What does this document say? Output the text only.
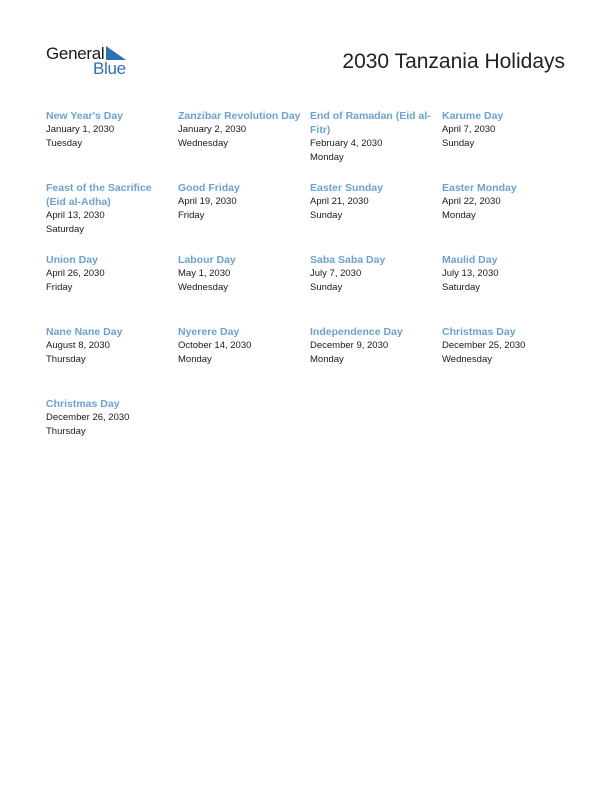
General
Blue	2030 Tanzania Holidays
New Year's Day
January 1, 2030
Tuesday
Zanzibar Revolution Day
January 2, 2030
Wednesday
End of Ramadan (Eid al-Fitr)
February 4, 2030
Monday
Karume Day
April 7, 2030
Sunday
Feast of the Sacrifice (Eid al-Adha)
April 13, 2030
Saturday
Good Friday
April 19, 2030
Friday
Easter Sunday
April 21, 2030
Sunday
Easter Monday
April 22, 2030
Monday
Union Day
April 26, 2030
Friday
Labour Day
May 1, 2030
Wednesday
Saba Saba Day
July 7, 2030
Sunday
Maulid Day
July 13, 2030
Saturday
Nane Nane Day
August 8, 2030
Thursday
Nyerere Day
October 14, 2030
Monday
Independence Day
December 9, 2030
Monday
Christmas Day
December 25, 2030
Wednesday
Christmas Day
December 26, 2030
Thursday
